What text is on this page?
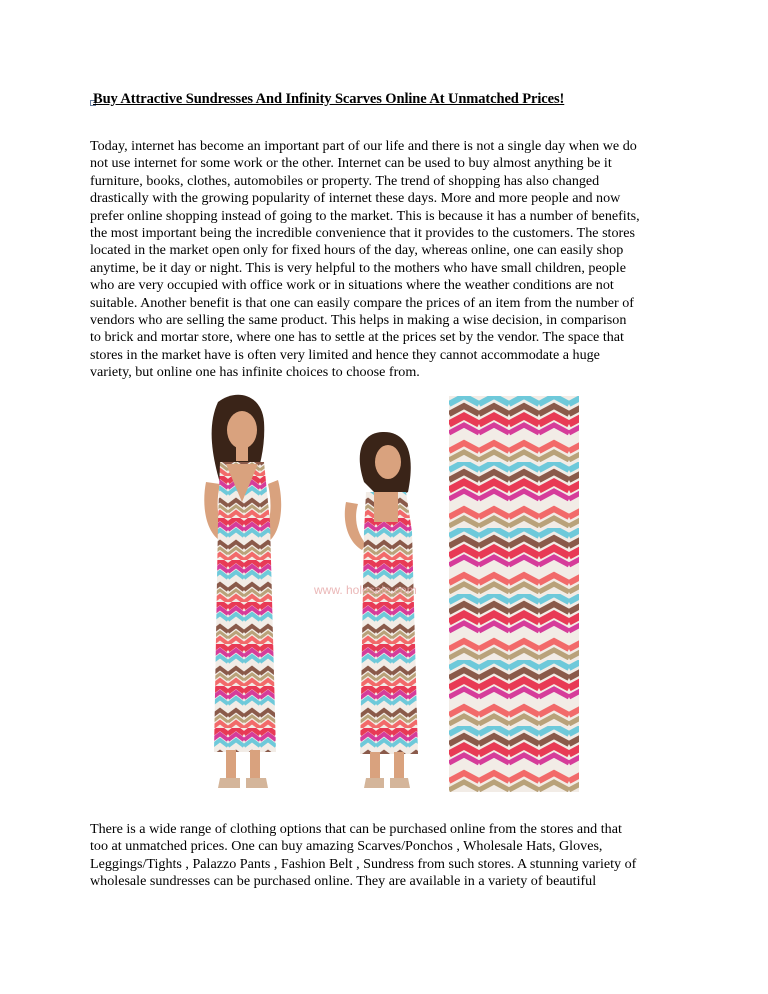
Buy Attractive Sundresses And Infinity Scarves Online At Unmatched Prices!

Today, internet has become an important part of our life and there is not a single day when we do
not use internet for some work or the other. Internet can be used to buy almost anything be it
furniture, books, clothes, automobiles or property. The trend of shopping has also changed
drastically with the growing popularity of internet these days. More and more people and now
prefer online shopping instead of going to the market. This is because it has a number of benefits,
the most important being the incredible convenience that it provides to the customers. The stores
located in the market open only for fixed hours of the day, whereas online, one can easily shop
anytime, be it day or night. This is very helpful to the mothers who have small children, people
who are very occupied with office work or in situations where the weather conditions are not
suitable. Another benefit is that one can easily compare the prices of an item from the number of
vendors who are selling the same product. This helps in making a wise decision, in comparison
to brick and mortar store, where one has to settle at the prices set by the vendor. The space that
stores in the market have is often very limited and hence they cannot accommodate a huge
variety, but online one has infinite choices to choose from.

www. holesale.com

There is a wide range of clothing options that can be purchased online from the stores and that
too at unmatched prices. One can buy amazing Scarves/Ponchos , Wholesale Hats, Gloves,
Leggings/Tights , Palazzo Pants , Fashion Belt , Sundress from such stores. A stunning variety of
wholesale sundresses can be purchased online. They are available in a variety of beautiful
